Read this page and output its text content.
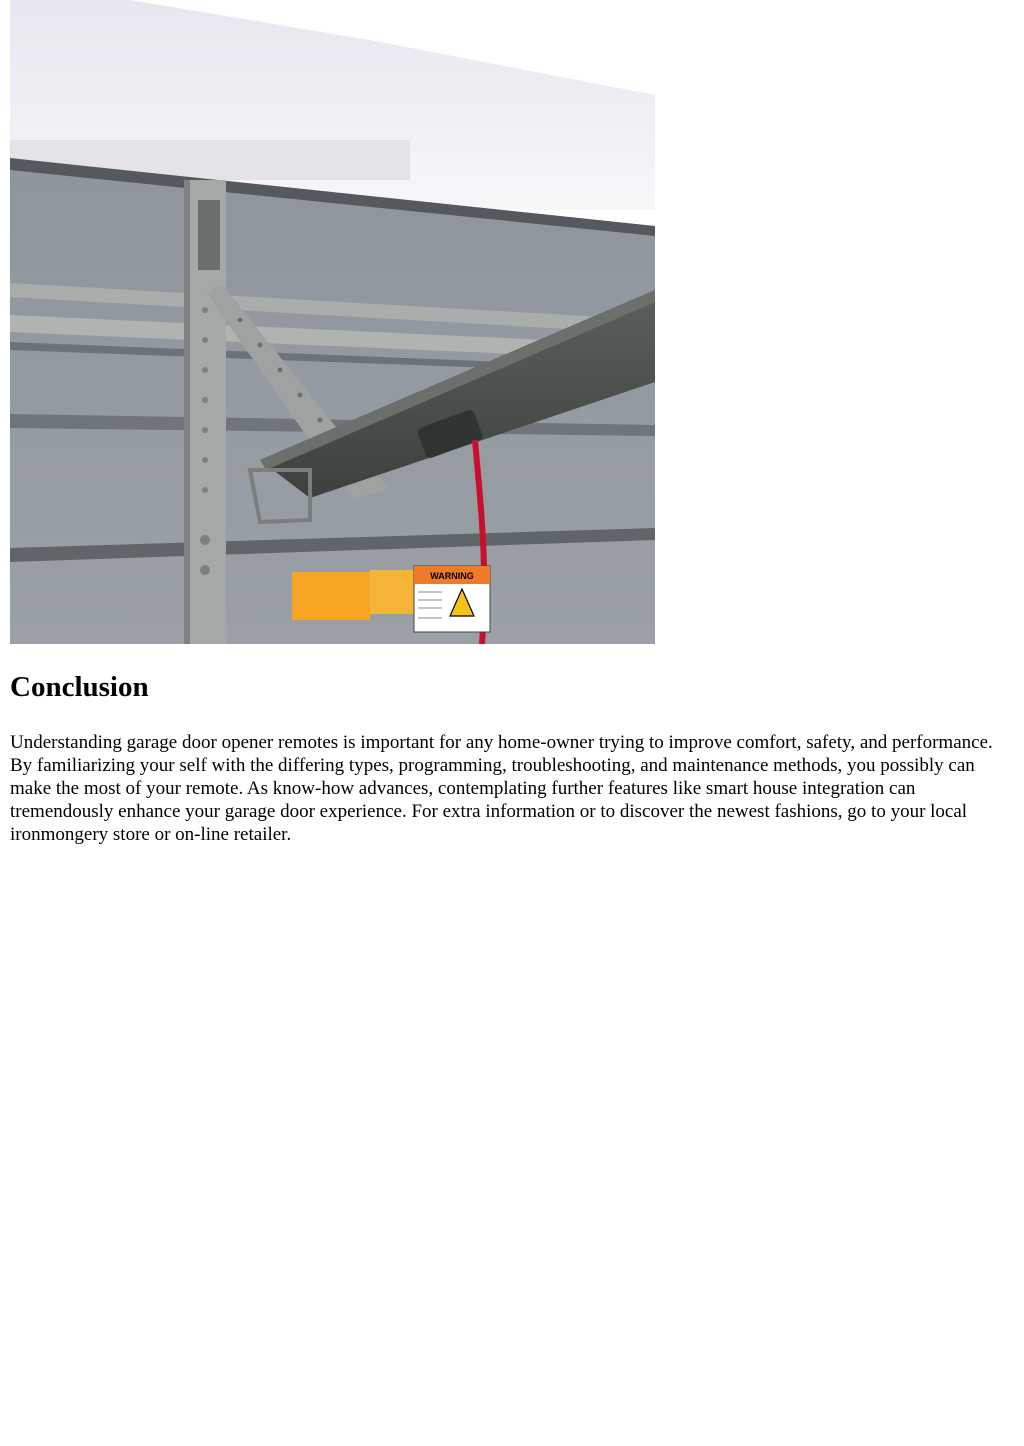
WARNING
Conclusion

Understanding garage door opener remotes is important for any home-owner trying to improve comfort, safety, and performance. By familiarizing your self with the differing types, programming, troubleshooting, and maintenance methods, you possibly can make the most of your remote. As know-how advances, contemplating further features like smart house integration can tremendously enhance your garage door experience. For extra information or to discover the newest fashions, go to your local ironmongery store or on-line retailer.
